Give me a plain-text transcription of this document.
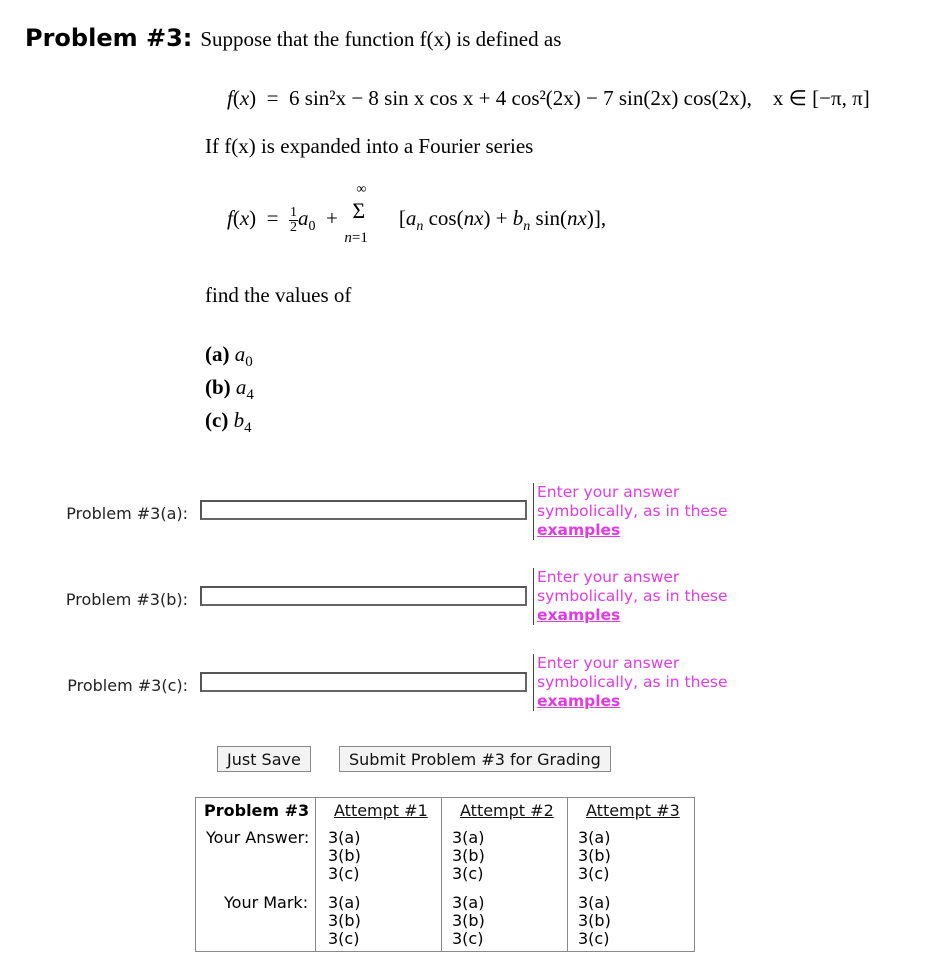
Problem #3: Suppose that the function f(x) is defined as
f(x)  =  6 sin²x − 8 sin x cos x + 4 cos²(2x) − 7 sin(2x) cos(2x), x ∈ [−π, π]
If f(x) is expanded into a Fourier series
$f(x) = \frac{1}{2} a_0$  +
∞
Σ
n=1
[$a_n$ $\cos(nx) + b_n$ sin(nx)],
find the values of
(a) $a_0$
(b) $a_4$
(c) $b_4$
Problem #3(a):
Enter your answer
symbolically, as in these
examples
Problem #3(b):
Enter your answer
symbolically, as in these
examples
Problem #3(c):
Enter your answer
symbolically, as in these
examples
Just Save	Submit Problem #3 for Grading
Problem #3 Attempt #1 Attempt #2 Attempt #3
Your Answer:
Your Mark:
3(a)
3(b)
3(c)
3(a)
3(b)
3(c)
3(a)
3(b)
3(c)
3(a)
3(b)
3(c)
3(a)
3(b)
3(c)
3(a)
3(b)
3(c)
